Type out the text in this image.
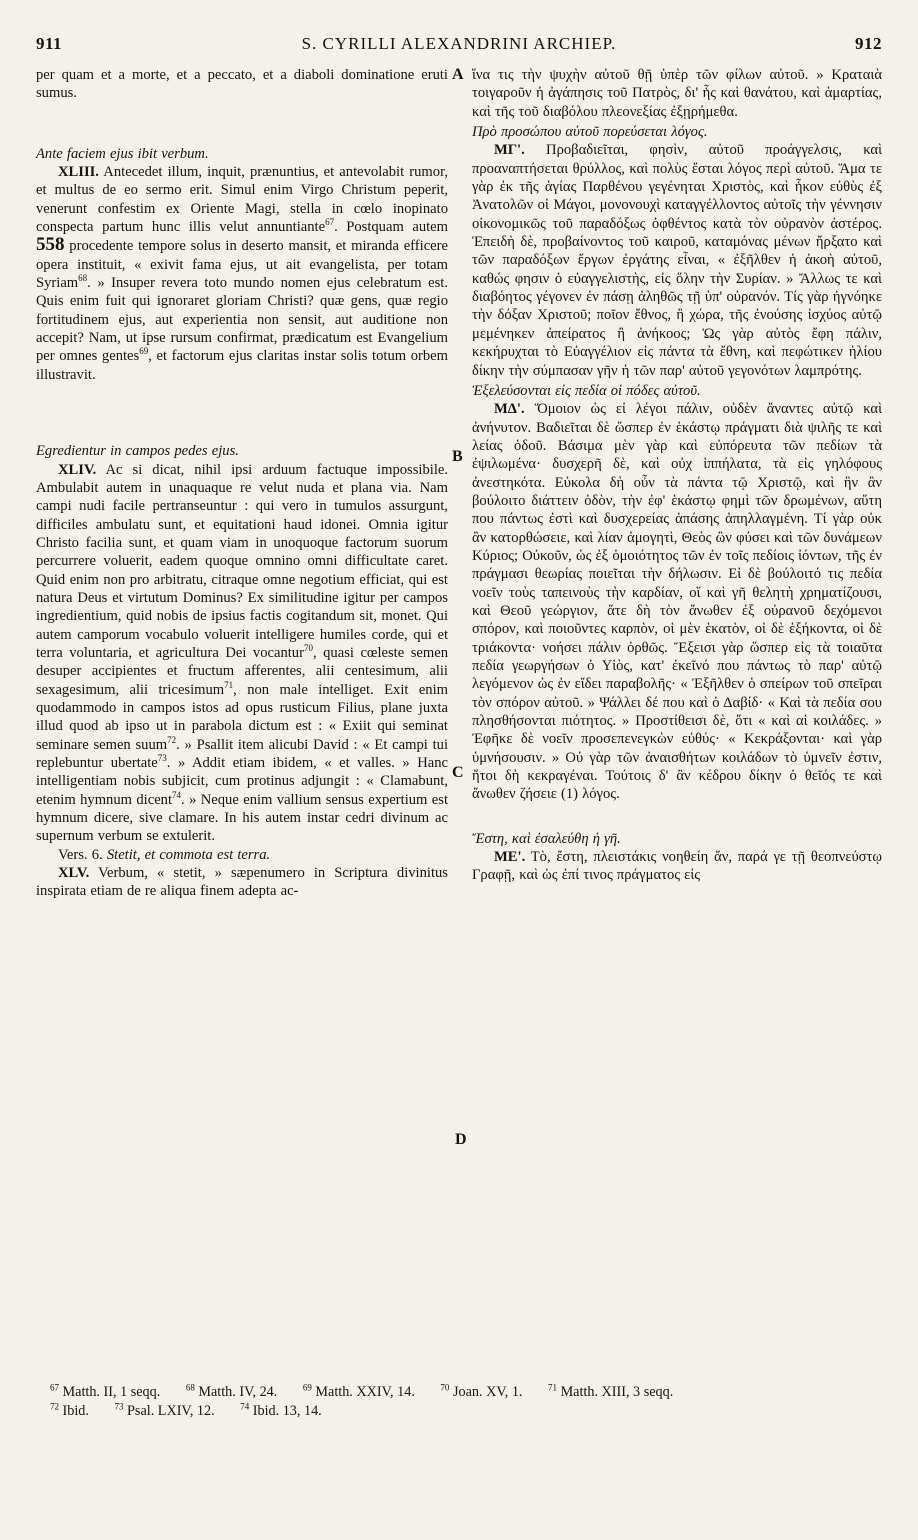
911	S. CYRILLI ALEXANDRINI ARCHIEP.	912
A
B
C
D

per quam et a morte, et a peccato, et a diaboli dominatione eruti sumus.

Ante faciem ejus ibit verbum.

XLIII. Antecedet illum, inquit, prænuntius, et antevolabit rumor, et multus de eo sermo erit. Simul enim Virgo Christum peperit, venerunt confestim ex Oriente Magi, stella in cœlo inopinato conspecta partum hunc illis velut annuntiante$^{67}$. Postquam autem 558 procedente tempore solus in deserto mansit, et miranda efficere opera instituit, « exivit fama ejus, ut ait evangelista, per totam Syriam$^{68}$. » Insuper revera toto mundo nomen ejus celebratum est. Quis enim fuit qui ignoraret gloriam Christi? quæ gens, quæ regio fortitudinem ejus, aut experientia non sensit, aut auditione non accepit? Nam, ut ipse rursum confirmat, prædicatum est Evangelium per omnes gentes$^{69}$, et factorum ejus claritas instar solis totum orbem illustravit.

Egredientur in campos pedes ejus.

XLIV. Ac si dicat, nihil ipsi arduum factuque impossibile. Ambulabit autem in unaquaque re velut nuda et plana via. Nam campi nudi facile pertranseuntur : qui vero in tumulos assurgunt, difficiles ambulatu sunt, et equitationi haud idonei. Omnia igitur Christo facilia sunt, et quam viam in unoquoque factorum suorum percurrere voluerit, eadem quoque omnino omni difficultate caret. Quid enim non pro arbitratu, citraque omne negotium efficiat, qui est natura Deus et virtutum Dominus? Ex similitudine igitur per campos ingredientium, quid nobis de ipsius factis cogitandum sit, monet. Qui autem camporum vocabulo voluerit intelligere humiles corde, qui et terra voluntaria, et agricultura Dei vocantur$^{70}$, quasi cœleste semen desuper accipientes et fructum afferentes, alii centesimum, alii sexagesimum, alii tricesimum$^{71}$, non male intelliget. Exit enim quodammodo in campos istos ad opus rusticum Filius, plane juxta illud quod ab ipso ut in parabola dictum est : « Exiit qui seminat seminare semen suum$^{72}$. » Psallit item alicubi David : « Et campi tui replebuntur ubertate$^{73}$. » Addit etiam ibidem, « et valles. » Hanc intelligentiam nobis subjicit, cum protinus adjungit : « Clamabunt, etenim hymnum dicent$^{74}$. » Neque enim vallium sensus expertium est hymnum dicere, sive clamare. In his autem instar cedri divinum ac supernum verbum se extulerit.

Vers. 6. Stetit, et commota est terra.

XLV. Verbum, « stetit, » sæpenumero in Scriptura divinitus inspirata etiam de re aliqua finem adepta ac-

ἵνα τις τὴν ψυχὴν αὐτοῦ θῇ ὑπὲρ τῶν φίλων αὐτοῦ. » Κραταιὰ τοιγαροῦν ἡ ἀγάπησις τοῦ Πατρὸς, δι' ἧς καὶ θανάτου, καὶ ἁμαρτίας, καὶ τῆς τοῦ διαβόλου πλεονεξίας ἐξῃρήμεθα.

Πρὸ προσώπου αὐτοῦ πορεύσεται λόγος.

ΜΓ'. Προβαδιεῖται, φησὶν, αὐτοῦ πρoάγγελσις, καὶ προαναπτήσεται θρύλλος, καὶ πολὺς ἔσται λόγος περὶ αὐτοῦ. Ἅμα τε γὰρ ἐκ τῆς ἁγίας Παρθένου γεγένηται Χριστὸς, καὶ ἧκον εὐθὺς ἐξ Ἀνατολῶν οἱ Μάγοι, μονονουχὶ καταγγέλλοντος αὐτοῖς τὴν γέννησιν οἰκονομικῶς τοῦ παραδόξως ὀφθέντος κατὰ τὸν οὐρανὸν ἀστέρος. Ἐπειδὴ δὲ, προβαίνοντος τοῦ καιροῦ, καταμόνας μένων ἤρξατο καὶ τῶν παραδόξων ἔργων ἐργάτης εἶναι, « ἐξῆλθεν ἡ ἀκοὴ αὐτοῦ, καθώς φησιν ὁ εὐαγγελιστὴς, εἰς ὅλην τὴν Συρίαν. » Ἄλλως τε καὶ διαβόητος γέγονεν ἐν πάσῃ ἀληθῶς τῇ ὑπ' οὐρανόν. Τίς γὰρ ἠγνόηκε τὴν δόξαν Χριστοῦ; ποῖον ἔθνος, ἢ χώρα, τῆς ἐνούσης ἰσχύος αὐτῷ μεμένηκεν ἀπείρατος ἢ ἀνήκοος; Ὡς γὰρ αὐτὸς ἔφη πάλιν, κεκήρυχται τὸ Εὐαγγέλιον εἰς πάντα τὰ ἔθνη, καὶ πεφώτικεν ἡλίου δίκην τὴν σύμπασαν γῆν ἡ τῶν παρ' αὐτοῦ γεγονότων λαμπρότης.

Ἐξελεύσονται εἰς πεδία οἱ πόδες αὐτοῦ.

ΜΔ'. Ὅμοιον ὡς εἰ λέγοι πάλιν, οὐδὲν ἄναντες αὐτῷ καὶ ἀνήνυτον. Βαδιεῖται δὲ ὥσπερ ἐν ἑκάστῳ πράγματι διὰ ψιλῆς τε καὶ λείας ὁδοῦ. Βάσιμα μὲν γὰρ καὶ εὐπόρευτα τῶν πεδίων τὰ ἐψιλωμένα· δυσχερῆ δὲ, καὶ οὐχ ἱππήλατα, τὰ εἰς γηλόφους ἀνεστηκότα. Εὐκολα δὴ οὖν τὰ πάντα τῷ Χριστῷ, καὶ ἣν ἂν βούλοιτο διάττειν ὁδὸν, τὴν ἐφ' ἑκάστῳ φημὶ τῶν δρωμένων, αὕτη που πάντως ἐστὶ καὶ δυσχερείας ἁπάσης ἀπηλλαγμένη. Τί γὰρ οὐκ ἂν κατορθώσειε, καὶ λίαν ἀμογητὶ, Θεὸς ὢν φύσει καὶ τῶν δυνάμεων Κύριος; Οὐκοῦν, ὡς ἐξ ὁμοιότητος τῶν ἐν τοῖς πεδίοις ἰόντων, τῆς ἐν πράγμασι θεωρίας ποιεῖται τὴν δήλωσιν. Εἰ δὲ βούλοιτό τις πεδία νοεῖν τοὺς ταπεινοὺς τὴν καρδίαν, οἵ καὶ γῆ θελητὴ χρηματίζουσι, καὶ Θεοῦ γεώργιον, ἅτε δὴ τὸν ἄνωθεν ἐξ οὐρανοῦ δεχόμενοι σπόρον, καὶ ποιοῦντες καρπὸν, οἱ μὲν ἑκατὸν, οἱ δὲ ἑξήκοντα, οἱ δὲ τριάκοντα· νοήσει πάλιν ὀρθῶς. Ἔξεισι γὰρ ὥσπερ εἰς τὰ τοιαῦτα πεδία γεωργήσων ὁ Υἱὸς, κατ' ἐκεῖνό που πάντως τὸ παρ' αὐτῷ λεγόμενον ὡς ἐν εἴδει παραβολῆς· « Ἐξῆλθεν ὁ σπείρων τοῦ σπεῖραι τὸν σπόρον αὐτοῦ. » Ψάλλει δέ που καὶ ὁ Δαβίδ· « Καὶ τὰ πεδία σου πλησθήσονται πιότητος. » Προστίθεισι δὲ, ὅτι « καὶ αἱ κοιλάδες. » Ἐφῆκε δὲ νοεῖν προσεπενεγκὼν εὐθύς· « Κεκράξονται· καὶ γὰρ ὑμνήσουσιν. » Οὐ γὰρ τῶν ἀναισθήτων κοιλάδων τὸ ὑμνεῖν ἐστιν, ἤτοι δὴ κεκραγέναι. Τούτοις δ' ἂν κέδρου δίκην ὁ θεῖός τε καὶ ἄνωθεν ζήσειε (1) λόγος.

Ἔστη, καὶ ἐσαλεύθη ἡ γῆ.

ΜΕ'. Τὸ, ἔστη, πλειστάκις νοηθείη ἄν, παρά γε τῇ θεοπνεύστῳ Γραφῇ, καὶ ὡς ἐπί τινος πράγματος εἰς

$^{67}$ Matth. II, 1 seqq.	$^{68}$ Matth. IV, 24.	$^{69}$ Matth. XXIV, 14.	$^{70}$ Joan. XV, 1.	$^{71}$ Matth. XIII, 3 seqq.
$^{72}$ Ibid.	$^{73}$ Psal. LXIV, 12.	$^{74}$ Ibid. 13, 14.
